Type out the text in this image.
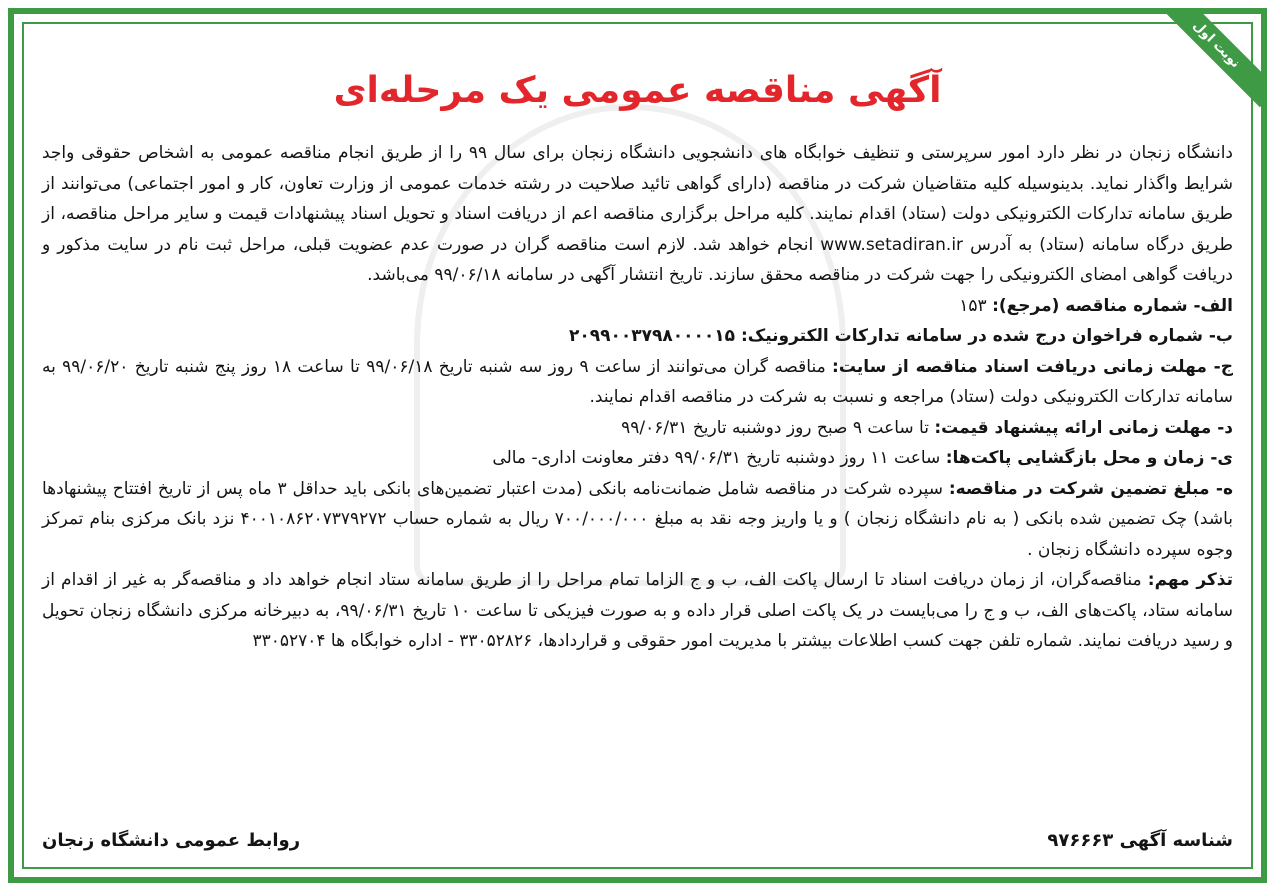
نوبت اول
آگهی مناقصه عمومی یک مرحله‌ای

دانشگاه زنجان در نظر دارد امور سرپرستی و تنظیف خوابگاه های دانشجویی دانشگاه زنجان برای سال ۹۹ را از طریق انجام مناقصه عمومی به اشخاص حقوقی واجد شرایط واگذار نماید. بدینوسیله کلیه متقاضیان شرکت در مناقصه (دارای گواهی تائید صلاحیت در رشته خدمات عمومی از وزارت تعاون، کار و امور اجتماعی) می‌توانند از طریق سامانه تدارکات الکترونیکی دولت (ستاد) اقدام نمایند. کلیه مراحل برگزاری مناقصه اعم از دریافت اسناد و تحویل اسناد پیشنهادات قیمت و سایر مراحل مناقصه، از طریق درگاه سامانه (ستاد) به آدرس www.setadiran.ir انجام خواهد شد. لازم است مناقصه گران در صورت عدم عضویت قبلی، مراحل ثبت نام در سایت مذکور و دریافت گواهی امضای الکترونیکی را جهت شرکت در مناقصه محقق سازند. تاریخ انتشار آگهی در سامانه ۹۹/۰۶/۱۸ می‌باشد.

الف- شماره مناقصه (مرجع): ۱۵۳

ب- شماره فراخوان درج شده در سامانه تدارکات الکترونیک: ۲۰۹۹۰۰۳۷۹۸۰۰۰۰۱۵

ج- مهلت زمانی دریافت اسناد مناقصه از سایت: مناقصه گران می‌توانند از ساعت ۹ روز سه شنبه تاریخ ۹۹/۰۶/۱۸ تا ساعت ۱۸ روز پنج شنبه تاریخ ۹۹/۰۶/۲۰ به سامانه تدارکات الکترونیکی دولت (ستاد) مراجعه و نسبت به شرکت در مناقصه اقدام نمایند.

د- مهلت زمانی ارائه پیشنهاد قیمت: تا ساعت ۹ صبح روز دوشنبه تاریخ ۹۹/۰۶/۳۱

ی- زمان و محل بازگشایی پاکت‌ها: ساعت ۱۱ روز دوشنبه تاریخ ۹۹/۰۶/۳۱ دفتر معاونت اداری- مالی

ه- مبلغ تضمین شرکت در مناقصه: سپرده شرکت در مناقصه شامل ضمانت‌نامه بانکی (مدت اعتبار تضمین‌های بانکی باید حداقل ۳ ماه پس از تاریخ افتتاح پیشنهادها باشد) چک تضمین شده بانکی ( به نام دانشگاه زنجان ) و یا واریز وجه نقد به مبلغ ۷۰۰/۰۰۰/۰۰۰ ریال به شماره حساب ۴۰۰۱۰۸۶۲۰۷۳۷۹۲۷۲ نزد بانک مرکزی بنام تمرکز وجوه سپرده دانشگاه زنجان .

تذکر مهم: مناقصه‌گران، از زمان دریافت اسناد تا ارسال پاکت الف، ب و ج الزاما تمام مراحل را از طریق سامانه ستاد انجام خواهد داد و مناقصه‌گر به غیر از اقدام از سامانه ستاد، پاکت‌های الف، ب و ج را می‌بایست در یک پاکت اصلی قرار داده و به صورت فیزیکی تا ساعت ۱۰ تاریخ ۹۹/۰۶/۳۱، به دبیرخانه مرکزی دانشگاه زنجان تحویل و رسید دریافت نمایند. شماره تلفن جهت کسب اطلاعات بیشتر با مدیریت امور حقوقی و قراردادها، ۳۳۰۵۲۸۲۶ - اداره خوابگاه ها ۳۳۰۵۲۷۰۴

شناسه آگهی ۹۷۶۶۶۳
روابط عمومی دانشگاه زنجان
